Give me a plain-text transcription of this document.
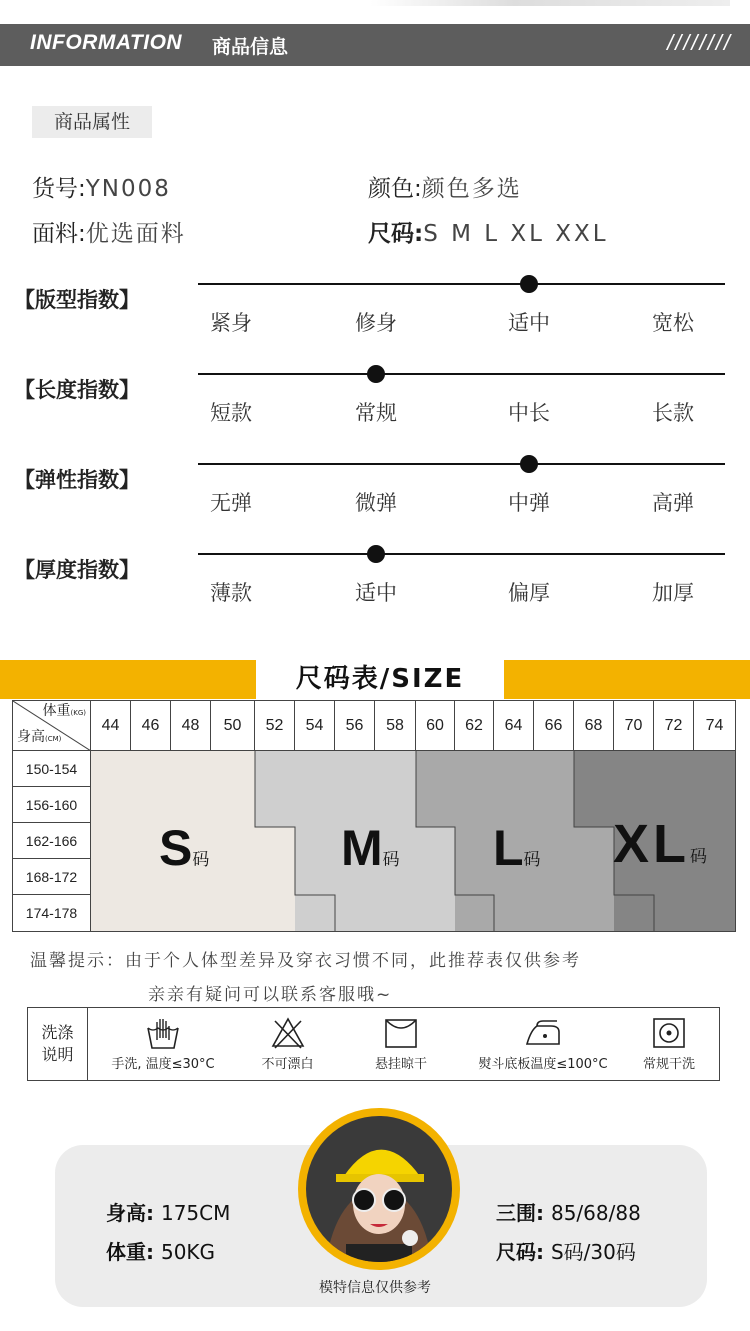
INFORMATION 商品信息	////////
商品属性
货号:YN008	颜色:颜色多选
面料:优选面料	尺码:S M L XL XXL
【版型指数】
紧身	修身	适中	宽松
【长度指数】
短款	常规	中长	长款
【弹性指数】
无弹	微弹	中弹	高弹
【厚度指数】
薄款	适中	偏厚	加厚
尺码表/SIZE
体重(KG)
身高(CM)
44	46	48	50	52	54	56	58	60	62	64	66	68	70	72	74
150-154
156-160
162-166
168-172
174-178
S码	M码 L码 XL码
温馨提示：由于个人体型差异及穿衣习惯不同，此推荐表仅供参考
亲亲有疑问可以联系客服哦~
洗涤
说明
手洗, 温度≤30°C	不可漂白	悬挂晾干	熨斗底板温度≤100°C	常规干洗
身高: 175CM
体重: 50KG
三围: 85/68/88
尺码: S码/30码
模特信息仅供参考
